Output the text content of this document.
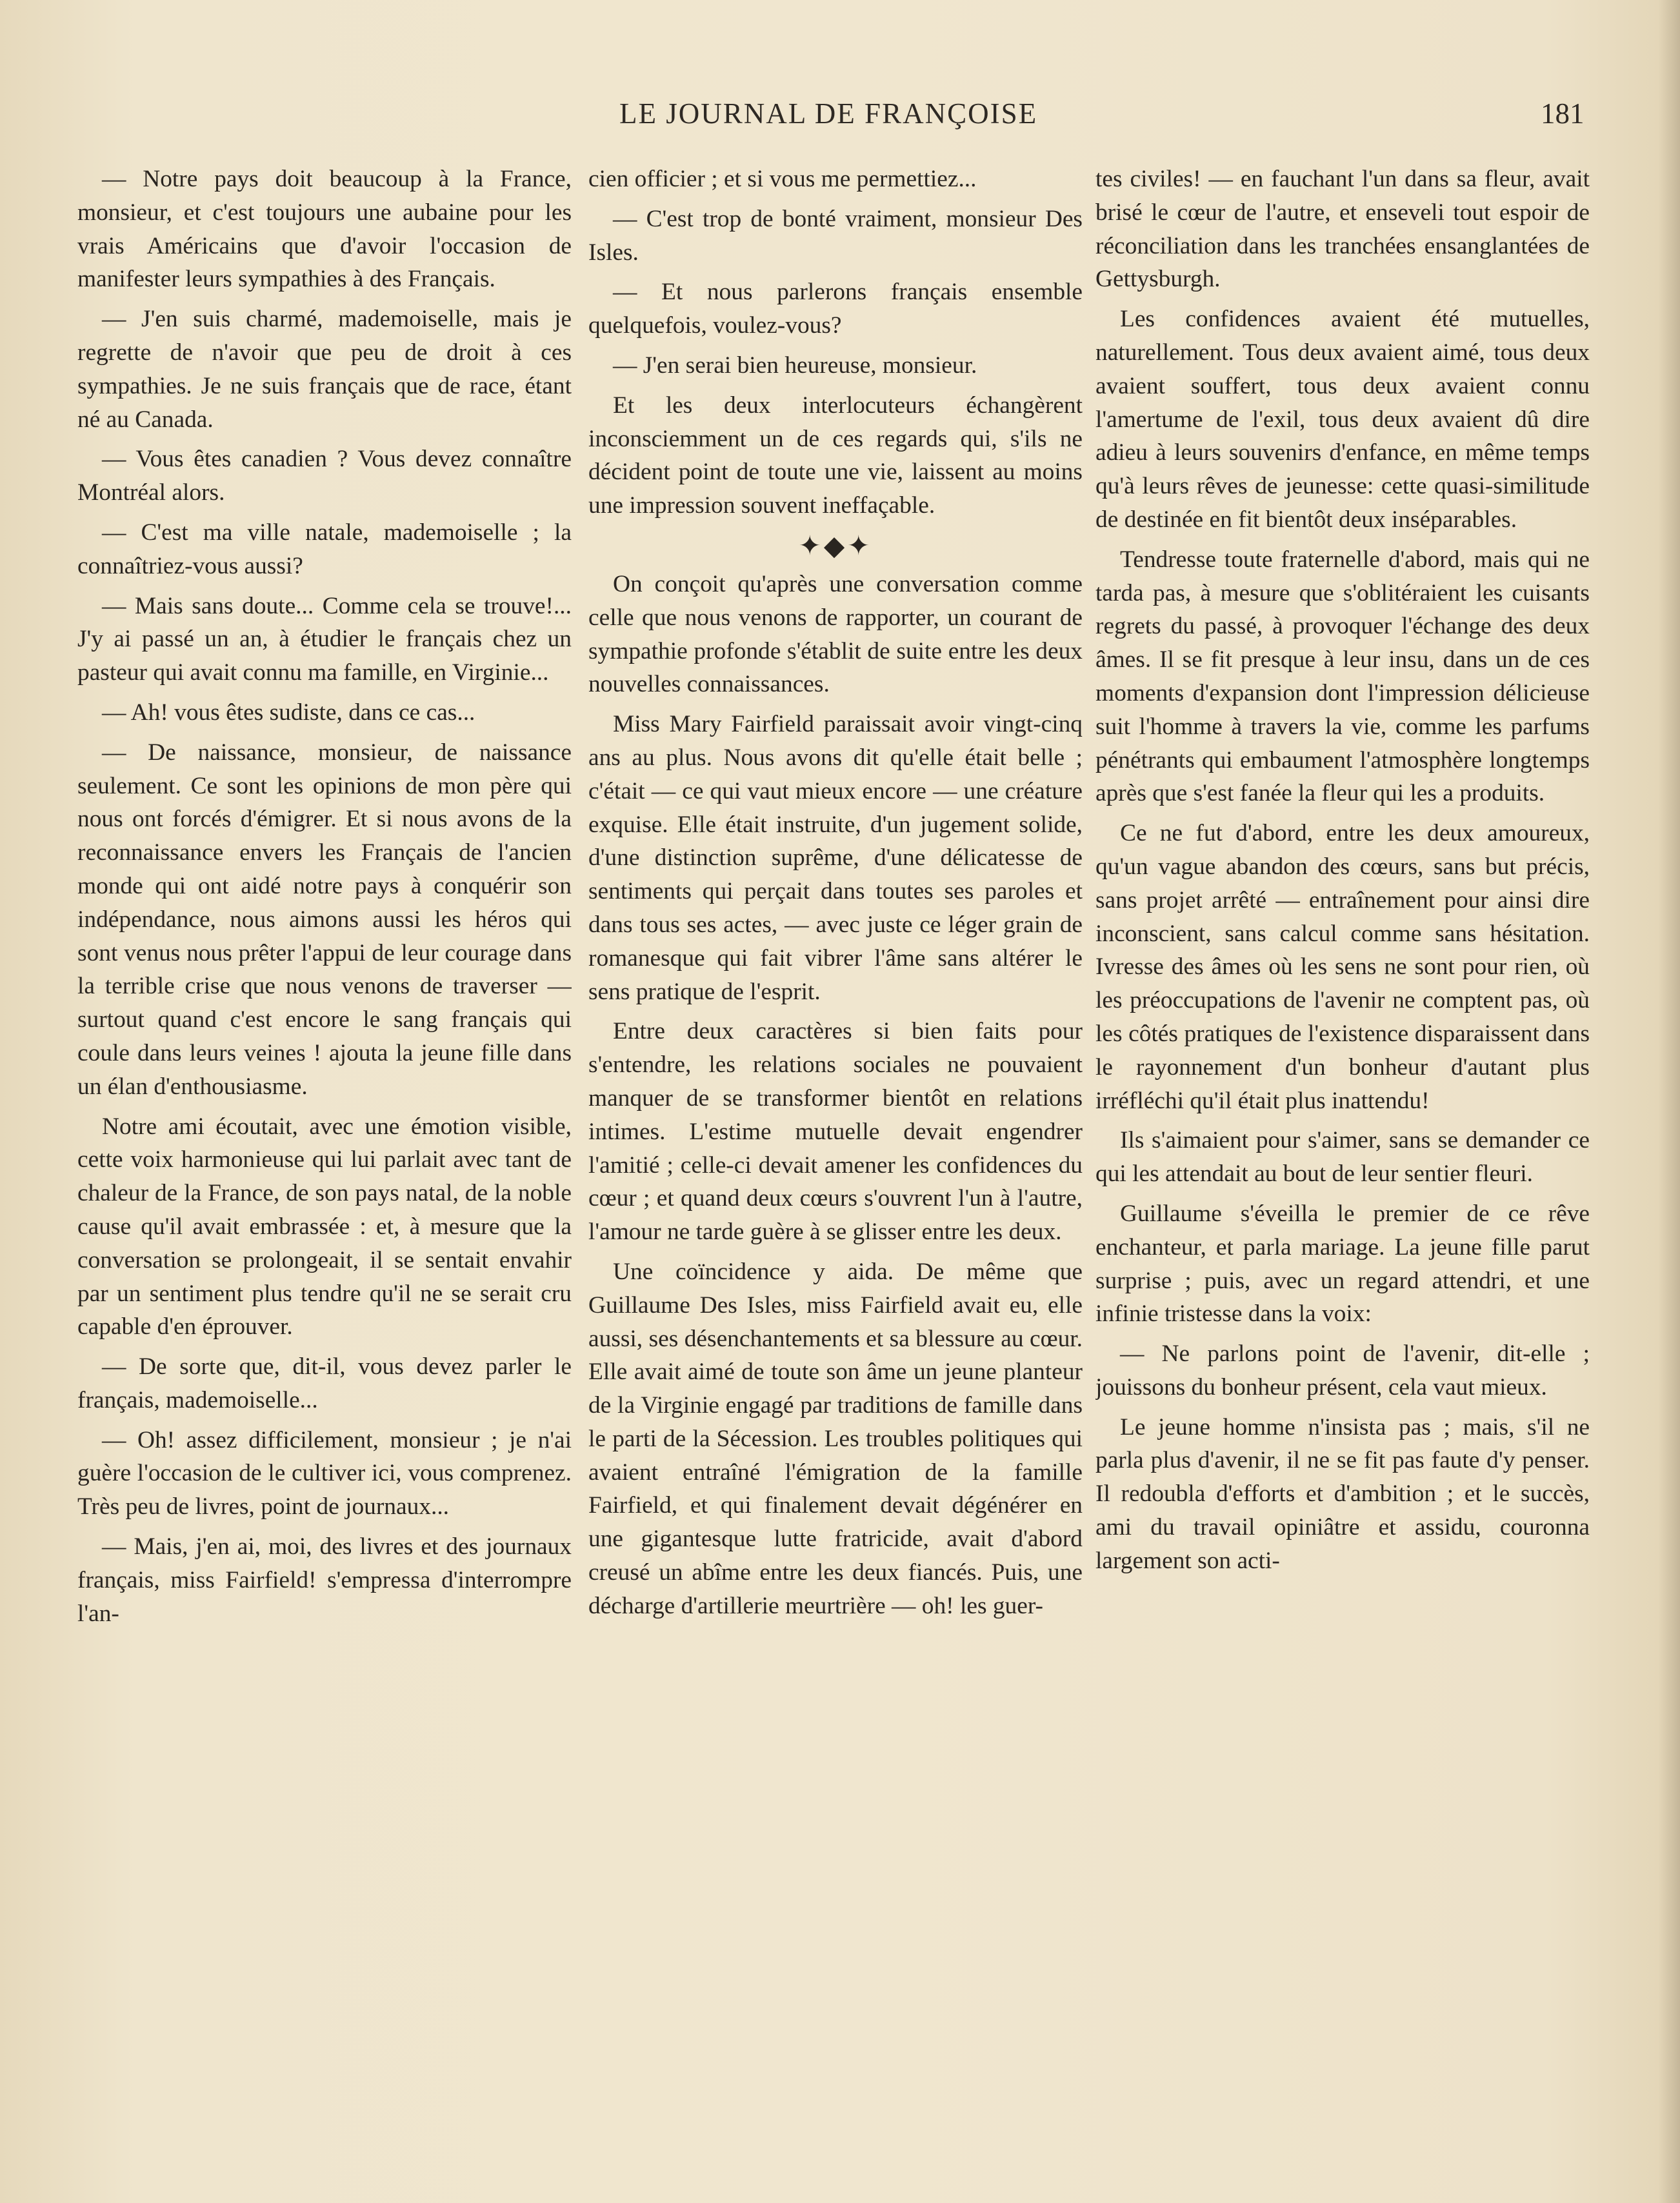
LE JOURNAL DE FRANÇOISE	181

— Notre pays doit beaucoup à la France, monsieur, et c'est toujours une aubaine pour les vrais Américains que d'avoir l'occasion de manifester leurs sympathies à des Français.

— J'en suis charmé, mademoiselle, mais je regrette de n'avoir que peu de droit à ces sympathies. Je ne suis français que de race, étant né au Canada.

— Vous êtes canadien ? Vous devez connaître Montréal alors.

— C'est ma ville natale, mademoiselle ; la connaîtriez-vous aussi?

— Mais sans doute... Comme cela se trouve!... J'y ai passé un an, à étudier le français chez un pasteur qui avait connu ma famille, en Virginie...

— Ah! vous êtes sudiste, dans ce cas...

— De naissance, monsieur, de naissance seulement. Ce sont les opinions de mon père qui nous ont forcés d'émigrer. Et si nous avons de la reconnaissance envers les Français de l'ancien monde qui ont aidé notre pays à conquérir son indépendance, nous aimons aussi les héros qui sont venus nous prêter l'appui de leur courage dans la terrible crise que nous venons de traverser — surtout quand c'est encore le sang français qui coule dans leurs veines ! ajouta la jeune fille dans un élan d'enthousiasme.

Notre ami écoutait, avec une émotion visible, cette voix harmonieuse qui lui parlait avec tant de chaleur de la France, de son pays natal, de la noble cause qu'il avait embrassée : et, à mesure que la conversation se prolongeait, il se sentait envahir par un sentiment plus tendre qu'il ne se serait cru capable d'en éprouver.

— De sorte que, dit-il, vous devez parler le français, mademoiselle...

— Oh! assez difficilement, monsieur ; je n'ai guère l'occasion de le cultiver ici, vous comprenez. Très peu de livres, point de journaux...

— Mais, j'en ai, moi, des livres et des journaux français, miss Fairfield! s'empressa d'interrompre l'an-

cien officier ; et si vous me permettiez...

— C'est trop de bonté vraiment, monsieur Des Isles.

— Et nous parlerons français ensemble quelquefois, voulez-vous?

— J'en serai bien heureuse, monsieur.

Et les deux interlocuteurs échangèrent inconsciemment un de ces regards qui, s'ils ne décident point de toute une vie, laissent au moins une impression souvent ineffaçable.

✦◆✦

On conçoit qu'après une conversation comme celle que nous venons de rapporter, un courant de sympathie profonde s'établit de suite entre les deux nouvelles connaissances.

Miss Mary Fairfield paraissait avoir vingt-cinq ans au plus. Nous avons dit qu'elle était belle ; c'était — ce qui vaut mieux encore — une créature exquise. Elle était instruite, d'un jugement solide, d'une distinction suprême, d'une délicatesse de sentiments qui perçait dans toutes ses paroles et dans tous ses actes, — avec juste ce léger grain de romanesque qui fait vibrer l'âme sans altérer le sens pratique de l'esprit.

Entre deux caractères si bien faits pour s'entendre, les relations sociales ne pouvaient manquer de se transformer bientôt en relations intimes. L'estime mutuelle devait engendrer l'amitié ; celle-ci devait amener les confidences du cœur ; et quand deux cœurs s'ouvrent l'un à l'autre, l'amour ne tarde guère à se glisser entre les deux.

Une coïncidence y aida. De même que Guillaume Des Isles, miss Fairfield avait eu, elle aussi, ses désenchantements et sa blessure au cœur. Elle avait aimé de toute son âme un jeune planteur de la Virginie engagé par traditions de famille dans le parti de la Sécession. Les troubles politiques qui avaient entraîné l'émigration de la famille Fairfield, et qui finalement devait dégénérer en une gigantesque lutte fratricide, avait d'abord creusé un abîme entre les deux fiancés. Puis, une décharge d'artillerie meurtrière — oh! les guer-

tes civiles! — en fauchant l'un dans sa fleur, avait brisé le cœur de l'autre, et enseveli tout espoir de réconciliation dans les tranchées ensanglantées de Gettysburgh.

Les confidences avaient été mutuelles, naturellement. Tous deux avaient aimé, tous deux avaient souffert, tous deux avaient connu l'amertume de l'exil, tous deux avaient dû dire adieu à leurs souvenirs d'enfance, en même temps qu'à leurs rêves de jeunesse: cette quasi-similitude de destinée en fit bientôt deux inséparables.

Tendresse toute fraternelle d'abord, mais qui ne tarda pas, à mesure que s'oblitéraient les cuisants regrets du passé, à provoquer l'échange des deux âmes. Il se fit presque à leur insu, dans un de ces moments d'expansion dont l'impression délicieuse suit l'homme à travers la vie, comme les parfums pénétrants qui embaument l'atmosphère longtemps après que s'est fanée la fleur qui les a produits.

Ce ne fut d'abord, entre les deux amoureux, qu'un vague abandon des cœurs, sans but précis, sans projet arrêté — entraînement pour ainsi dire inconscient, sans calcul comme sans hésitation. Ivresse des âmes où les sens ne sont pour rien, où les préoccupations de l'avenir ne comptent pas, où les côtés pratiques de l'existence disparaissent dans le rayonnement d'un bonheur d'autant plus irréfléchi qu'il était plus inattendu!

Ils s'aimaient pour s'aimer, sans se demander ce qui les attendait au bout de leur sentier fleuri.

Guillaume s'éveilla le premier de ce rêve enchanteur, et parla mariage. La jeune fille parut surprise ; puis, avec un regard attendri, et une infinie tristesse dans la voix:

— Ne parlons point de l'avenir, dit-elle ; jouissons du bonheur présent, cela vaut mieux.

Le jeune homme n'insista pas ; mais, s'il ne parla plus d'avenir, il ne se fit pas faute d'y penser. Il redoubla d'efforts et d'ambition ; et le succès, ami du travail opiniâtre et assidu, couronna largement son acti-
